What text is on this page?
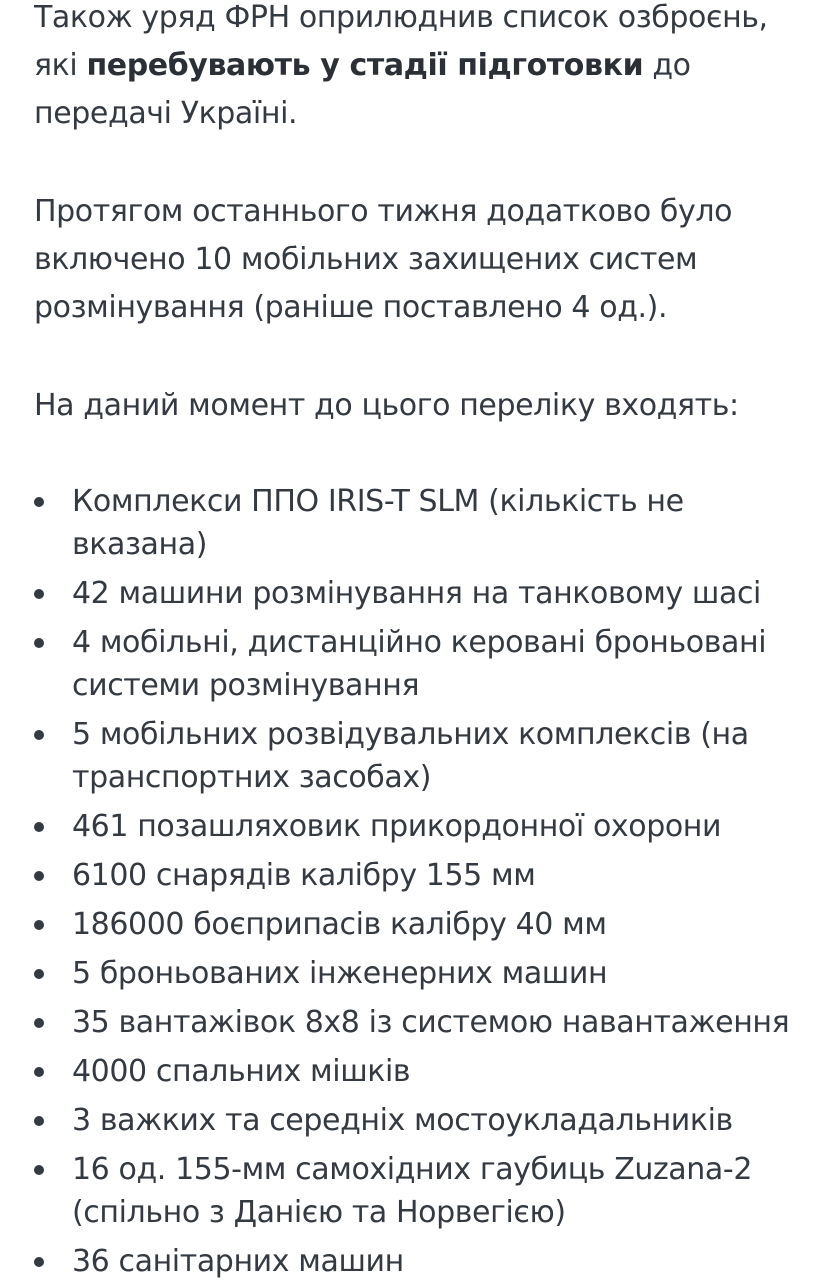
Також уряд ФРН оприлюднив список озброєнь, які перебувають у стадії підготовки до передачі Україні.

Протягом останнього тижня додатково було включено 10 мобільних захищених систем розмінування (раніше поставлено 4 од.).

На даний момент до цього переліку входять:

Комплекси ППО IRIS-T SLM (кількість не вказана)
42 машини розмінування на танковому шасі
4 мобільні, дистанційно керовані броньовані системи розмінування
5 мобільних розвідувальних комплексів (на транспортних засобах)
461 позашляховик прикордонної охорони
6100 снарядів калібру 155 мм
186000 боєприпасів калібру 40 мм
5 броньованих інженерних машин
35 вантажівок 8х8 із системою навантаження
4000 спальних мішків
3 важких та середніх мостоукладальників
16 од. 155-мм самохідних гаубиць Zuzana-2 (спільно з Данією та Норвегією)
36 санітарних машин
